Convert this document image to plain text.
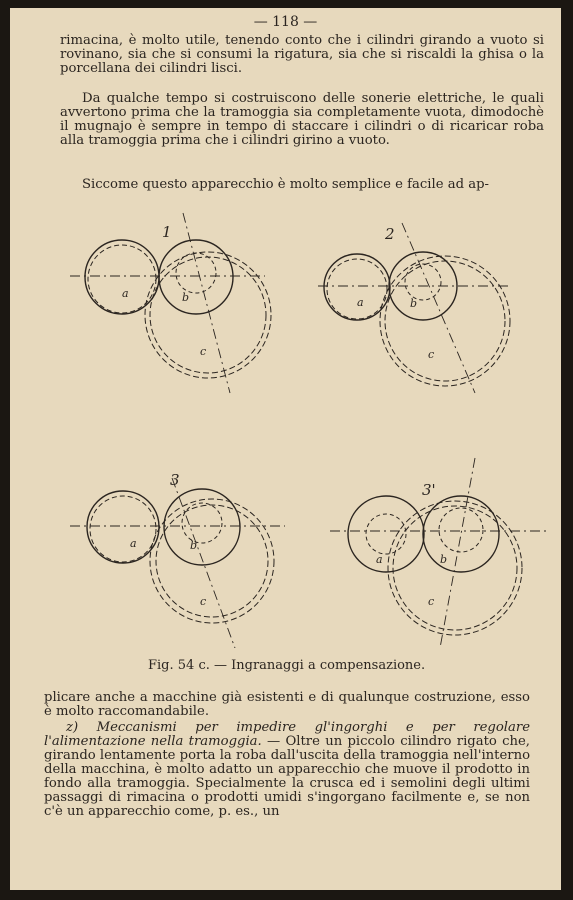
— 118 —

rimacina, è molto utile, tenendo conto che i cilindri girando a vuoto si rovinano, sia che si consumi la rigatura, sia che si riscaldi la ghisa o la porcellana dei cilindri lisci.

Da qualche tempo si costruiscono delle sonerie elettriche, le quali avvertono prima che la tramoggia sia completamente vuota, dimodochè il mugnajo è sempre in tempo di staccare i cilindri o di ricaricar roba alla tramoggia prima che i cilindri girino a vuoto.

Siccome questo apparecchio è molto semplice e facile ad ap-

1	2
3
3'
a	b
c
a	b
c
a	b
c
a	b
c
Fig. 54 c. — Ingranaggi a compensazione.

plicare anche a macchine già esistenti e di qualunque costruzione, esso è molto raccomandabile.

z) Meccanismi per impedire gl'ingorghi e per regolare l'alimentazione nella tramoggia. — Oltre un piccolo cilindro rigato che, girando lentamente porta la roba dall'uscita della tramoggia nell'interno della macchina, è molto adatto un apparecchio che muove il prodotto in fondo alla tramoggia. Specialmente la crusca ed i semolini degli ultimi passaggi di rimacina o prodotti umidi s'ingorgano facilmente e, se non c'è un apparecchio come, p. es., un
